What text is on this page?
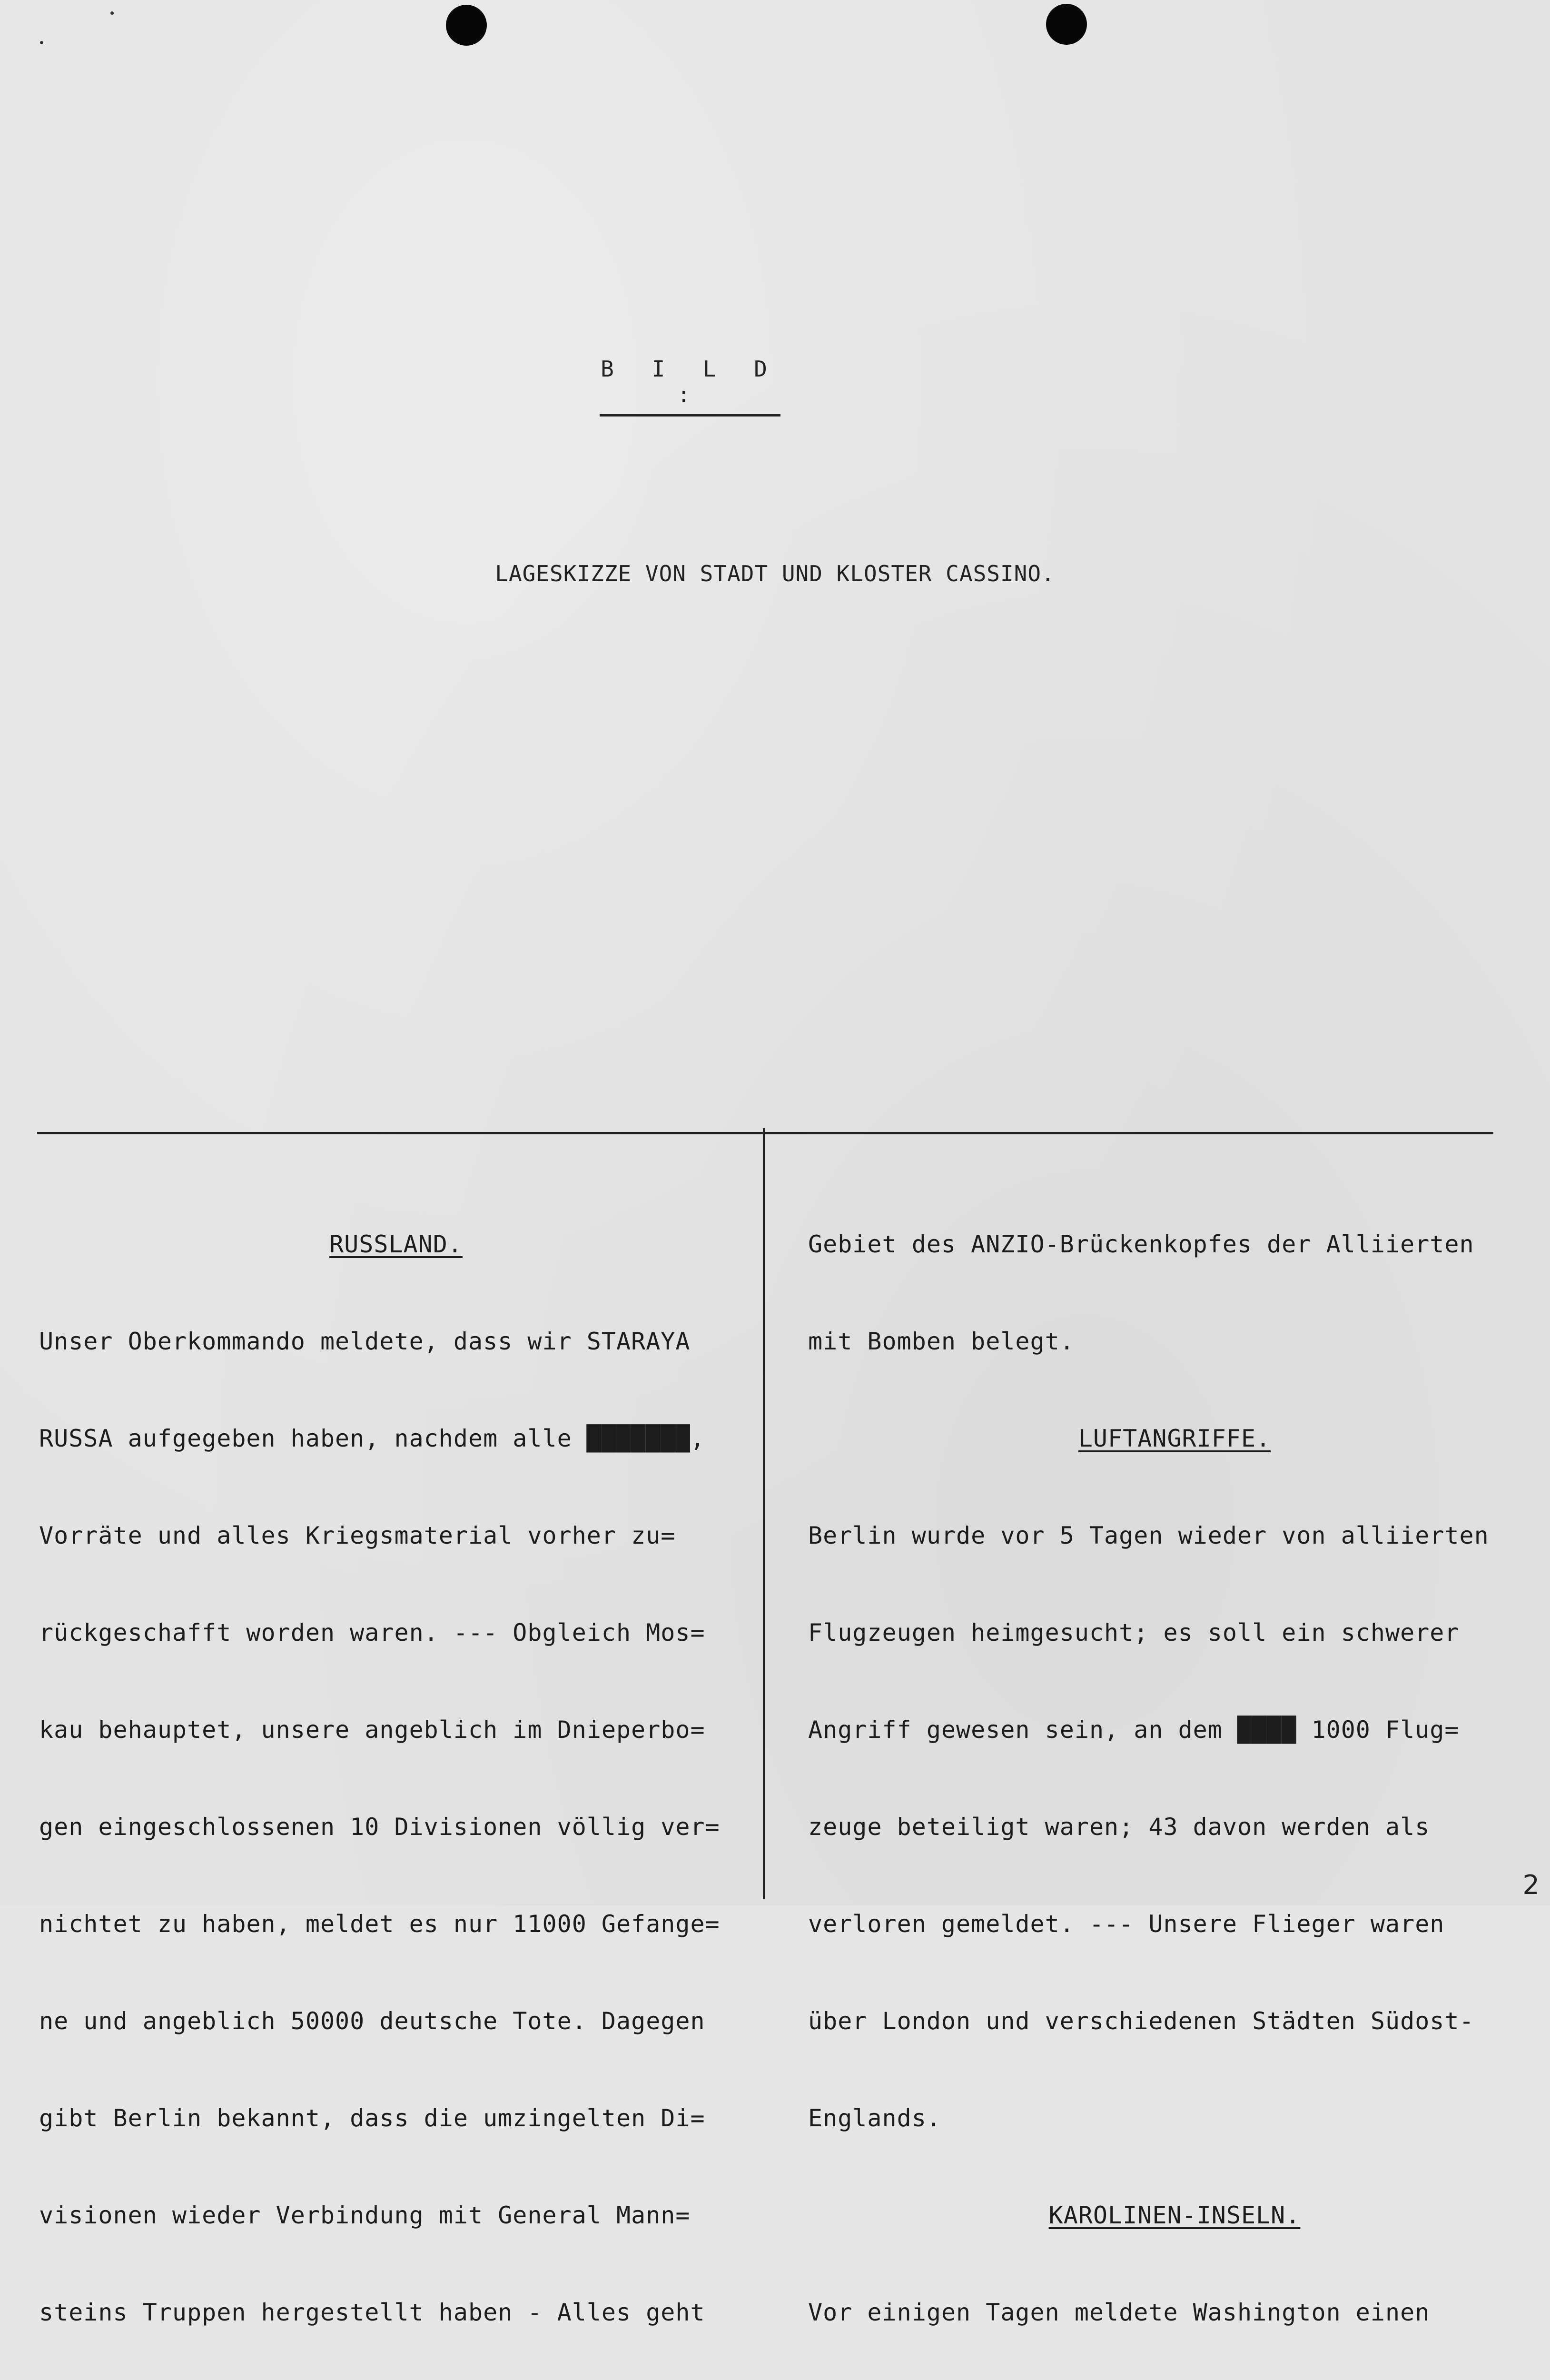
B I L D :
LAGESKIZZE VON STADT UND KLOSTER CASSINO.

RUSSLAND.

Unser Oberkommando meldete, dass wir STARAYA

RUSSA aufgegeben haben, nachdem alle ███████,

Vorräte und alles Kriegsmaterial vorher zu=

rückgeschafft worden waren. --- Obgleich Mos=

kau behauptet, unsere angeblich im Dnieperbo=

gen eingeschlossenen 10 Divisionen völlig ver=

nichtet zu haben, meldet es nur 11000 Gefange=

ne und angeblich 50000 deutsche Tote. Dagegen

gibt Berlin bekannt, dass die umzingelten Di=

visionen wieder Verbindung mit General Mann=

steins Truppen hergestellt haben - Alles geht

Gebiet des ANZIO-Brückenkopfes der Alliierten

mit Bomben belegt.

LUFTANGRIFFE.

Berlin wurde vor 5 Tagen wieder von alliierten

Flugzeugen heimgesucht; es soll ein schwerer

Angriff gewesen sein, an dem ████ 1000 Flug=

zeuge beteiligt waren; 43 davon werden als

verloren gemeldet. --- Unsere Flieger waren

über London und verschiedenen Städten Südost-

Englands.

KAROLINEN-INSELN.

Vor einigen Tagen meldete Washington einen

2
